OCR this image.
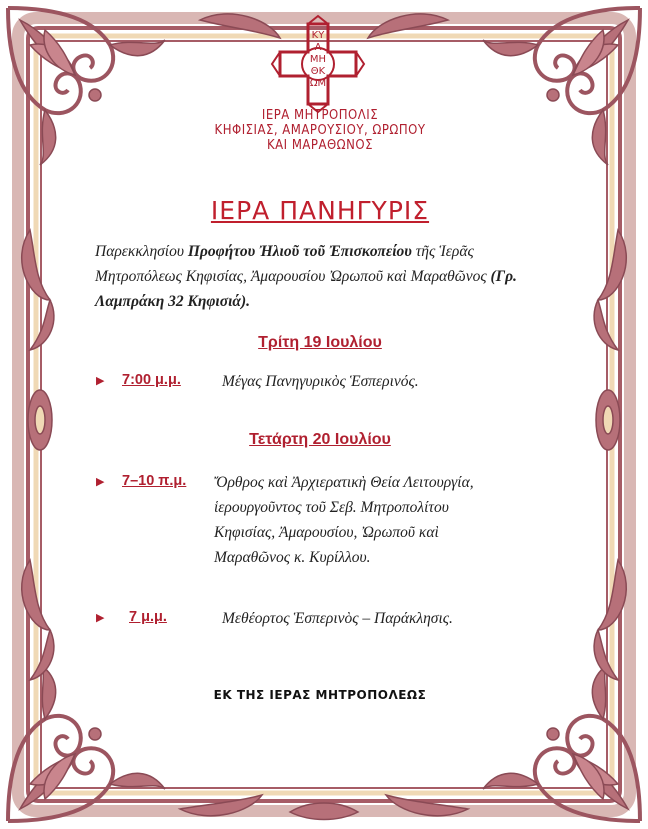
ΚΥ
Α
ΜΗ
ΘΚ
ΩΜ
ΙΕΡΑ ΜΗΤΡΟΠΟΛΙΣ
ΚΗΦΙΣΙΑΣ, ΑΜΑΡΟΥΣΙΟΥ, ΩΡΩΠΟΥ
ΚΑΙ ΜΑΡΑΘΩΝΟΣ
ΙΕΡΑ ΠΑΝΗΓΥΡΙΣ
Παρεκκλησίου Προφήτου Ἠλιοῦ τοῦ Ἐπισκοπείου τῆς Ἱερᾶς Μητροπόλεως Κηφισίας, Ἀμαρουσίου Ὠρωποῦ καὶ Μαραθῶνος (Γρ. Λαμπράκη 32 Κηφισιά).
Τρίτη 19 Ιουλίου
▶ 7:00 μ.μ.	Μέγας Πανηγυρικὸς Ἑσπερινός.
Τετάρτη 20 Ιουλίου
▶ 7–10 π.μ. Ὄρθρος καὶ Ἀρχιερατικὴ Θεία Λειτουργία,
ἱερουργοῦντος τοῦ Σεβ. Μητροπολίτου
Κηφισίας, Ἀμαρουσίου, Ὠρωποῦ καὶ
Μαραθῶνος κ. Κυρίλλου.
▶ 7 μ.μ.	Μεθέορτος Ἑσπερινὸς – Παράκλησις.
ΕΚ ΤΗΣ ΙΕΡΑΣ ΜΗΤΡΟΠΟΛΕΩΣ
